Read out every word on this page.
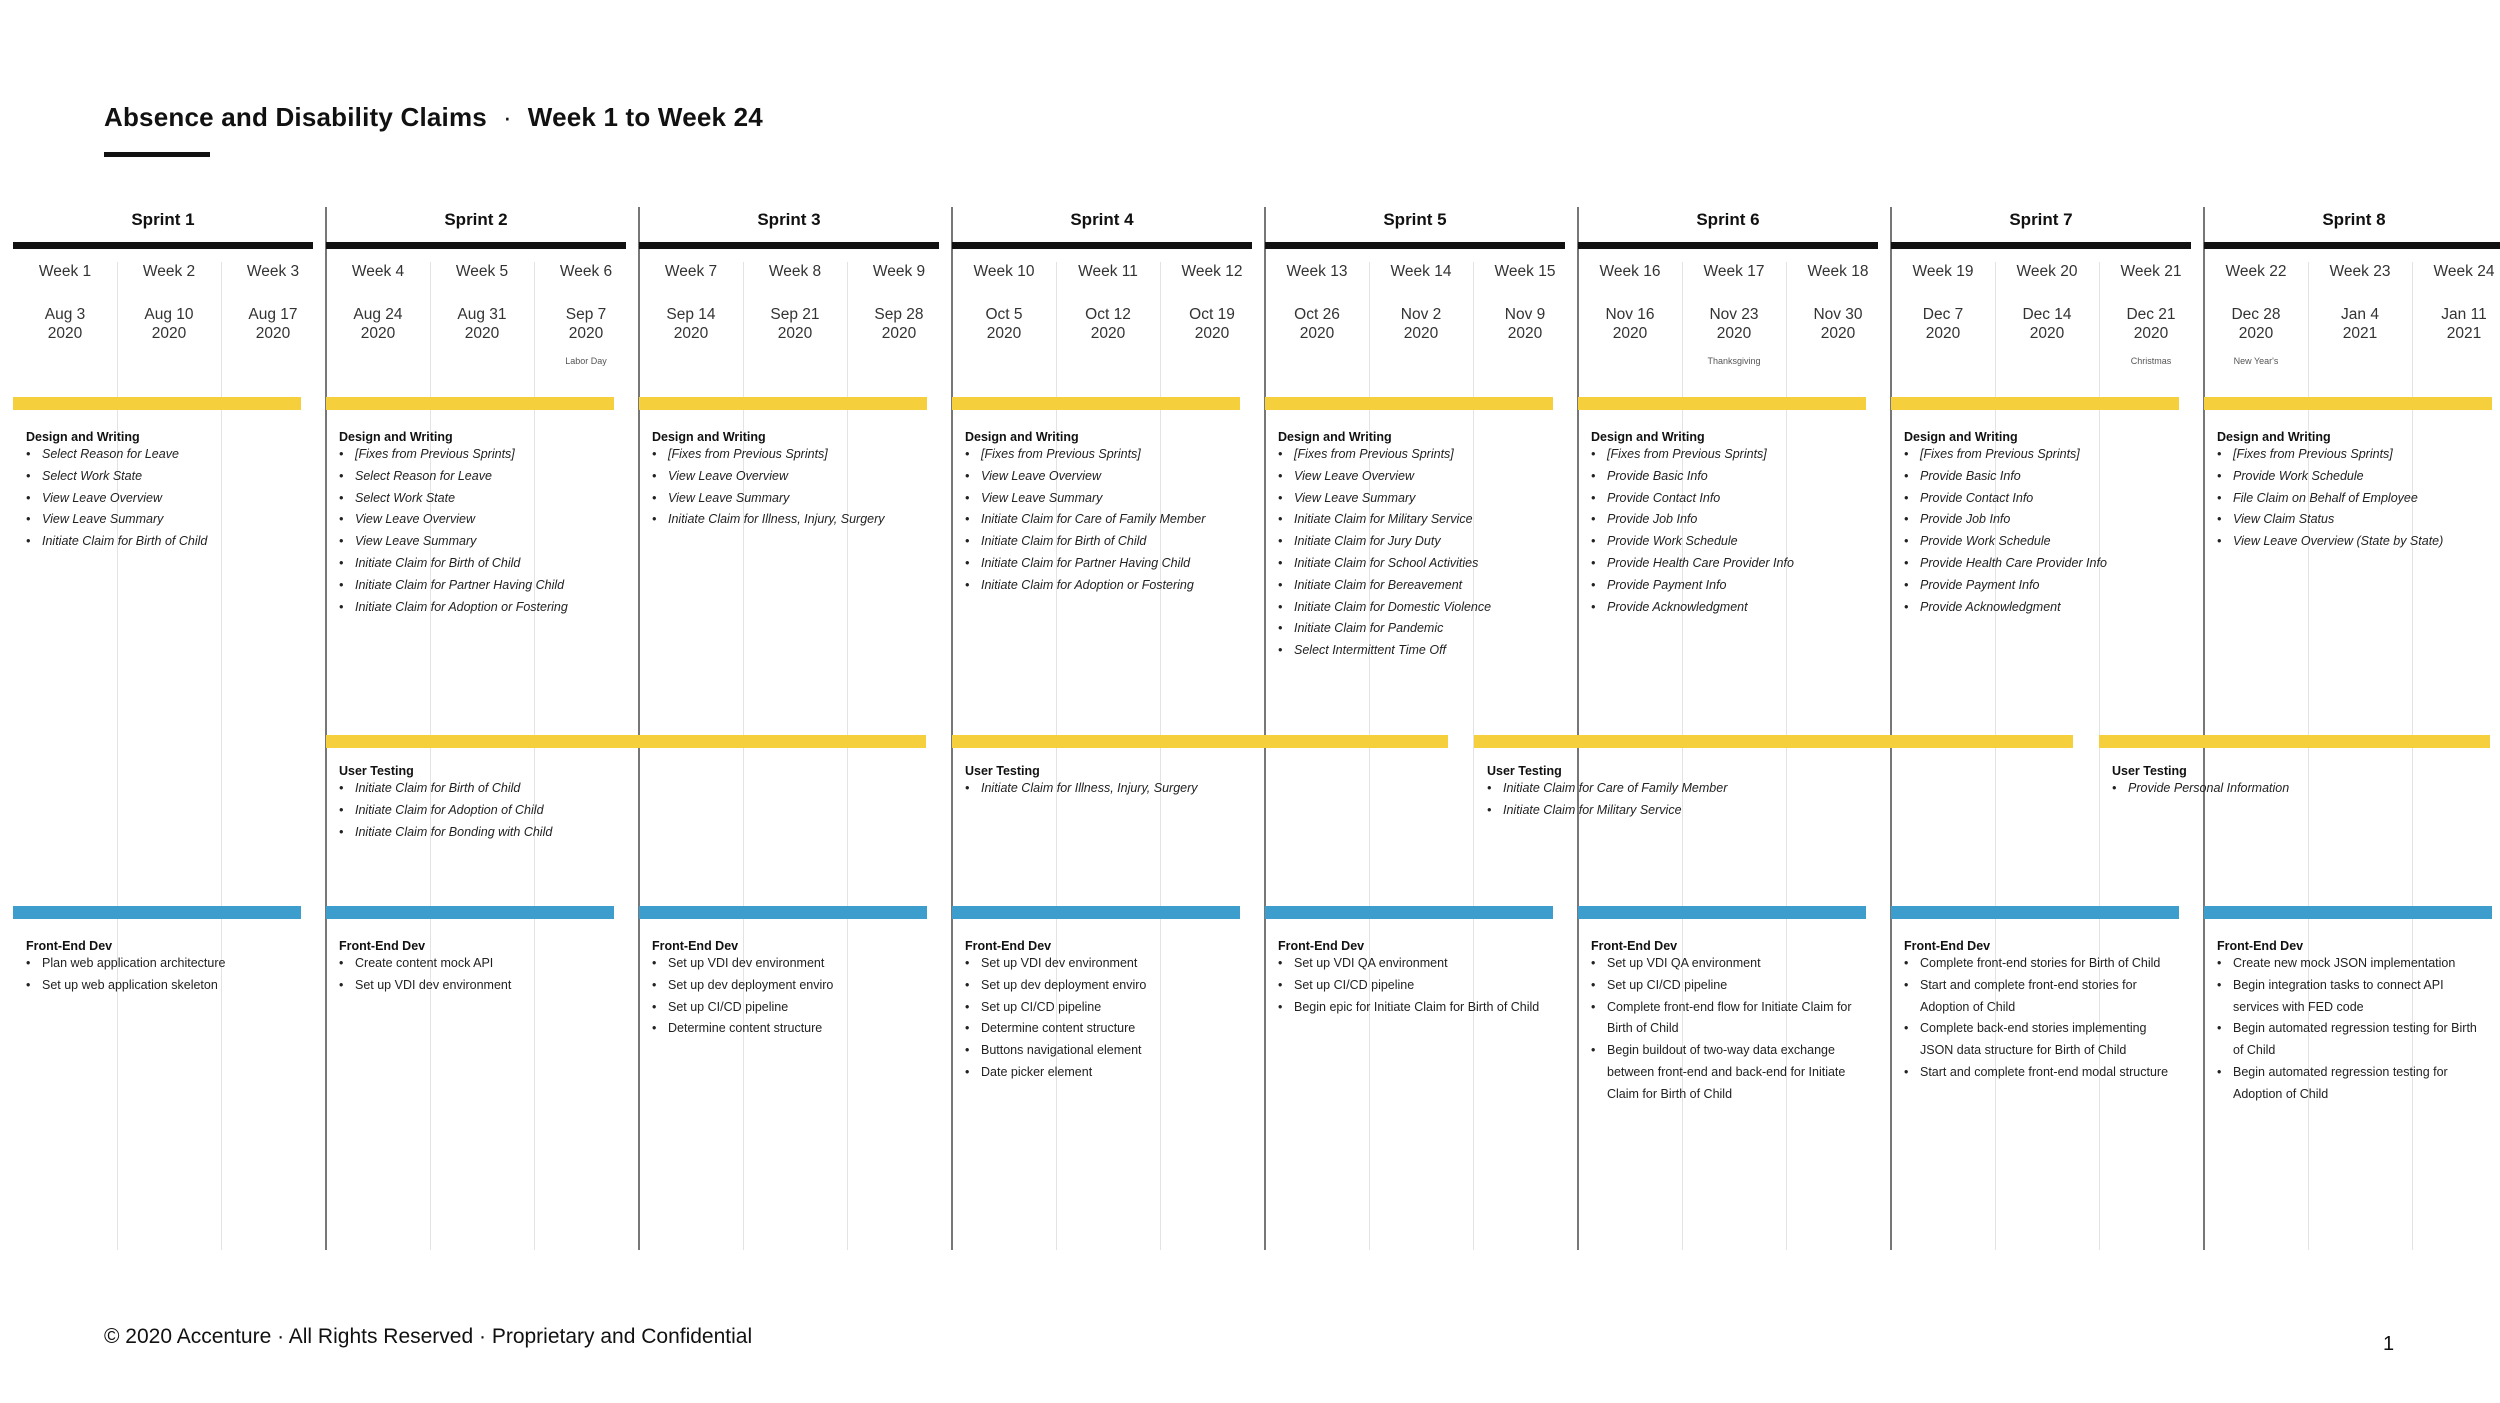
Absence and Disability Claims · Week 1 to Week 24
Sprint 1
Week 1
Aug 3
2020
Week 2
Aug 10
2020
Week 3
Aug 17
2020
Design and Writing
• Select Reason for Leave
• Select Work State
• View Leave Overview
• View Leave Summary
• Initiate Claim for Birth of Child
Front-End Dev
• Plan web application architecture
• Set up web application skeleton
Sprint 2
Week 4
Aug 24
2020
Week 5
Aug 31
2020
Week 6
Sep 7
2020
Labor Day
Design and Writing
• [Fixes from Previous Sprints]
• Select Reason for Leave
• Select Work State
• View Leave Overview
• View Leave Summary
• Initiate Claim for Birth of Child
• Initiate Claim for Partner Having Child
• Initiate Claim for Adoption or Fostering
Front-End Dev
• Create content mock API
• Set up VDI dev environment
Sprint 3
Week 7
Sep 14
2020
Week 8
Sep 21
2020
Week 9
Sep 28
2020
Design and Writing
• [Fixes from Previous Sprints]
• View Leave Overview
• View Leave Summary
• Initiate Claim for Illness, Injury, Surgery
Front-End Dev
• Set up VDI dev environment
• Set up dev deployment enviro
• Set up CI/CD pipeline
• Determine content structure
Sprint 4
Week 10
Oct 5
2020
Week 11
Oct 12
2020
Week 12
Oct 19
2020
Design and Writing
• [Fixes from Previous Sprints]
• View Leave Overview
• View Leave Summary
• Initiate Claim for Care of Family Member
• Initiate Claim for Birth of Child
• Initiate Claim for Partner Having Child
• Initiate Claim for Adoption or Fostering
Front-End Dev
• Set up VDI dev environment
• Set up dev deployment enviro
• Set up CI/CD pipeline
• Determine content structure
• Buttons navigational element
• Date picker element
Sprint 5
Week 13
Oct 26
2020
Week 14
Nov 2
2020
Week 15
Nov 9
2020
Design and Writing
• [Fixes from Previous Sprints]
• View Leave Overview
• View Leave Summary
• Initiate Claim for Military Service
• Initiate Claim for Jury Duty
• Initiate Claim for School Activities
• Initiate Claim for Bereavement
• Initiate Claim for Domestic Violence
• Initiate Claim for Pandemic
• Select Intermittent Time Off
Front-End Dev
• Set up VDI QA environment
• Set up CI/CD pipeline
• Begin epic for Initiate Claim for Birth of Child
Sprint 6
Week 16
Nov 16
2020
Week 17
Nov 23
2020
Thanksgiving
Week 18
Nov 30
2020
Design and Writing
• [Fixes from Previous Sprints]
• Provide Basic Info
• Provide Contact Info
• Provide Job Info
• Provide Work Schedule
• Provide Health Care Provider Info
• Provide Payment Info
• Provide Acknowledgment
Front-End Dev
• Set up VDI QA environment
• Set up CI/CD pipeline
• Complete front-end flow for Initiate Claim for Birth of Child
• Begin buildout of two-way data exchange between front-end and back-end for Initiate Claim for Birth of Child
Sprint 7
Week 19
Dec 7
2020
Week 20
Dec 14
2020
Week 21
Dec 21
2020
Christmas
Design and Writing
• [Fixes from Previous Sprints]
• Provide Basic Info
• Provide Contact Info
• Provide Job Info
• Provide Work Schedule
• Provide Health Care Provider Info
• Provide Payment Info
• Provide Acknowledgment
Front-End Dev
• Complete front-end stories for Birth of Child
• Start and complete front-end stories for Adoption of Child
• Complete back-end stories implementing JSON data structure for Birth of Child
• Start and complete front-end modal structure
Sprint 8
Week 22
Dec 28
2020
New Year's
Week 23
Jan 4
2021
Week 24
Jan 11
2021
Design and Writing
• [Fixes from Previous Sprints]
• Provide Work Schedule
• File Claim on Behalf of Employee
• View Claim Status
• View Leave Overview (State by State)
Front-End Dev
• Create new mock JSON implementation
• Begin integration tasks to connect API services with FED code
• Begin automated regression testing for Birth of Child
• Begin automated regression testing for Adoption of Child
User Testing
• Initiate Claim for Birth of Child
• Initiate Claim for Adoption of Child
• Initiate Claim for Bonding with Child
User Testing
• Initiate Claim for Illness, Injury, Surgery
User Testing
• Initiate Claim for Care of Family Member
• Initiate Claim for Military Service
User Testing
• Provide Personal Information
© 2020 Accenture · All Rights Reserved · Proprietary and Confidential	1
